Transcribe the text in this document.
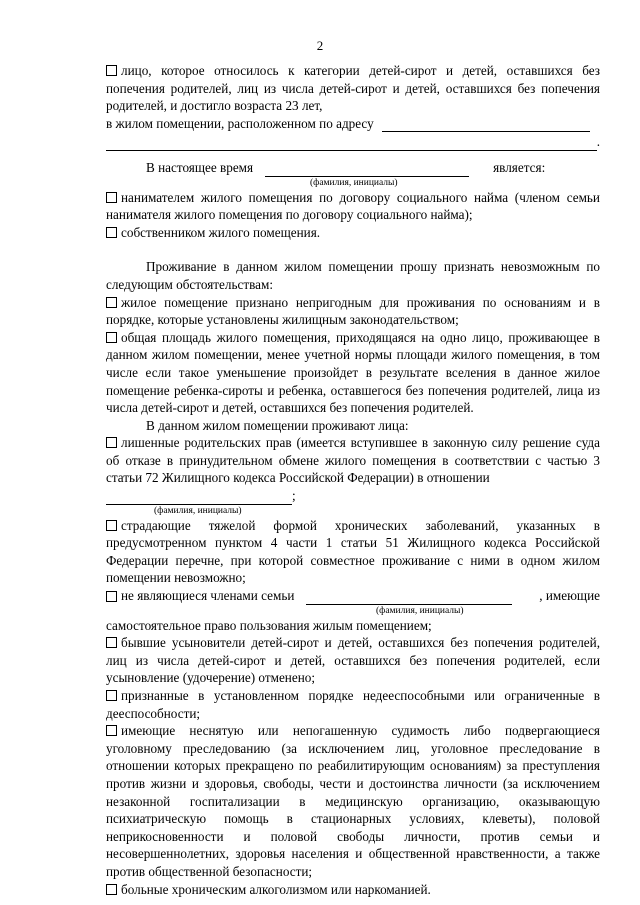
2

лицо, которое относилось к категории детей-сирот и детей, оставшихся без попечения родителей, лиц из числа детей-сирот и детей, оставшихся без попечения родителей, и достигло возраста 23 лет,

в жилом помещении, расположенном по адресу
.
В настоящее время	является:
(фамилия, инициалы)

нанимателем жилого помещения по договору социального найма (членом семьи нанимателя жилого помещения по договору социального найма);

собственником жилого помещения.

Проживание в данном жилом помещении прошу признать невозможным по следующим обстоятельствам:

жилое помещение признано непригодным для проживания по основаниям и в порядке, которые установлены жилищным законодательством;

общая площадь жилого помещения, приходящаяся на одно лицо, проживающее в данном жилом помещении, менее учетной нормы площади жилого помещения, в том числе если такое уменьшение произойдет в результате вселения в данное жилое помещение ребенка-сироты и ребенка, оставшегося без попечения родителей, лица из числа детей-сирот и детей, оставшихся без попечения родителей.

В данном жилом помещении проживают лица:

лишенные родительских прав (имеется вступившее в законную силу решение суда об отказе в принудительном обмене жилого помещения в соответствии с частью 3 статьи 72 Жилищного кодекса Российской Федерации) в отношении

;
(фамилия, инициалы)

страдающие тяжелой формой хронических заболеваний, указанных в предусмотренном пунктом 4 части 1 статьи 51 Жилищного кодекса Российской Федерации перечне, при которой совместное проживание с ними в одном жилом помещении невозможно;

не являющиеся членами семьи	, имеющие
(фамилия, инициалы)

самостоятельное право пользования жилым помещением;

бывшие усыновители детей-сирот и детей, оставшихся без попечения родителей, лиц из числа детей-сирот и детей, оставшихся без попечения родителей, если усыновление (удочерение) отменено;

признанные в установленном порядке недееспособными или ограниченные в дееспособности;

имеющие неснятую или непогашенную судимость либо подвергающиеся уголовному преследованию (за исключением лиц, уголовное преследование в отношении которых прекращено по реабилитирующим основаниям) за преступления против жизни и здоровья, свободы, чести и достоинства личности (за исключением незаконной госпитализации в медицинскую организацию, оказывающую психиатрическую помощь в стационарных условиях, клеветы), половой неприкосновенности и половой свободы личности, против семьи и несовершеннолетних, здоровья населения и общественной нравственности, а также против общественной безопасности;

больные хроническим алкоголизмом или наркоманией.
